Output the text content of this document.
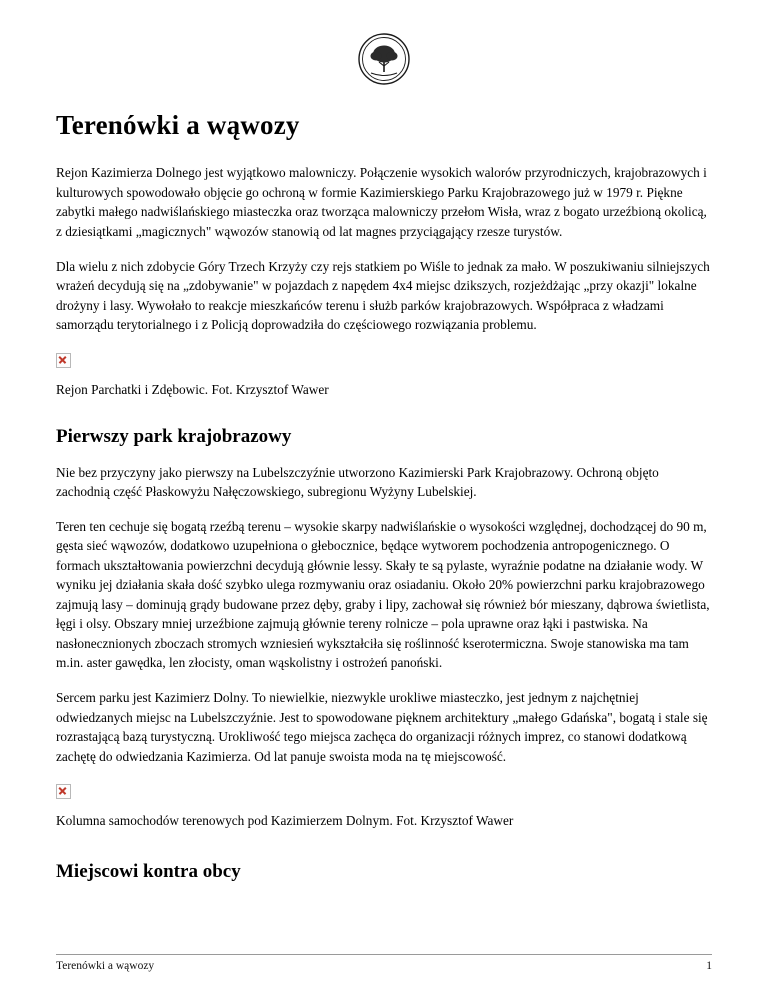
Terenówki a wąwozy

Rejon Kazimierza Dolnego jest wyjątkowo malowniczy. Połączenie wysokich walorów przyrodniczych, krajobrazowych i kulturowych spowodowało objęcie go ochroną w formie Kazimierskiego Parku Krajobrazowego już w 1979 r. Piękne zabytki małego nadwiślańskiego miasteczka oraz tworząca malowniczy przełom Wisła, wraz z bogato urzeźbioną okolicą, z dziesiątkami „magicznych" wąwozów stanowią od lat magnes przyciągający rzesze turystów.

Dla wielu z nich zdobycie Góry Trzech Krzyży czy rejs statkiem po Wiśle to jednak za mało. W poszukiwaniu silniejszych wrażeń decydują się na „zdobywanie" w pojazdach z napędem 4x4 miejsc dzikszych, rozjeżdżając „przy okazji" lokalne drożyny i lasy. Wywołało to reakcje mieszkańców terenu i służb parków krajobrazowych. Współpraca z władzami samorządu terytorialnego i z Policją doprowadziła do częściowego rozwiązania problemu.

Rejon Parchatki i Zdębowic. Fot. Krzysztof Wawer

Pierwszy park krajobrazowy

Nie bez przyczyny jako pierwszy na Lubelszczyźnie utworzono Kazimierski Park Krajobrazowy. Ochroną objęto zachodnią część Płaskowyżu Nałęczowskiego, subregionu Wyżyny Lubelskiej.

Teren ten cechuje się bogatą rzeźbą terenu – wysokie skarpy nadwiślańskie o wysokości względnej, dochodzącej do 90 m, gęsta sieć wąwozów, dodatkowo uzupełniona o głebocznice, będące wytworem pochodzenia antropogenicznego. O formach ukształtowania powierzchni decydują głównie lessy. Skały te są pylaste, wyraźnie podatne na działanie wody. W wyniku jej działania skała dość szybko ulega rozmywaniu oraz osiadaniu. Około 20% powierzchni parku krajobrazowego zajmują lasy – dominują grądy budowane przez dęby, graby i lipy, zachował się również bór mieszany, dąbrowa świetlista, łęgi i olsy. Obszary mniej urzeźbione zajmują głównie tereny rolnicze – pola uprawne oraz łąki i pastwiska. Na nasłonecznionych zboczach stromych wzniesień wykształciła się roślinność kserotermiczna. Swoje stanowiska ma tam m.in. aster gawędka, len złocisty, oman wąskolistny i ostrożeń panoński.

Sercem parku jest Kazimierz Dolny. To niewielkie, niezwykle urokliwe miasteczko, jest jednym z najchętniej odwiedzanych miejsc na Lubelszczyźnie. Jest to spowodowane pięknem architektury „małego Gdańska", bogatą i stale się rozrastającą bazą turystyczną. Urokliwość tego miejsca zachęca do organizacji różnych imprez, co stanowi dodatkową zachętę do odwiedzania Kazimierza. Od lat panuje swoista moda na tę miejscowość.

Kolumna samochodów terenowych pod Kazimierzem Dolnym. Fot. Krzysztof Wawer

Miejscowi kontra obcy
Terenówki a wąwozy	1
